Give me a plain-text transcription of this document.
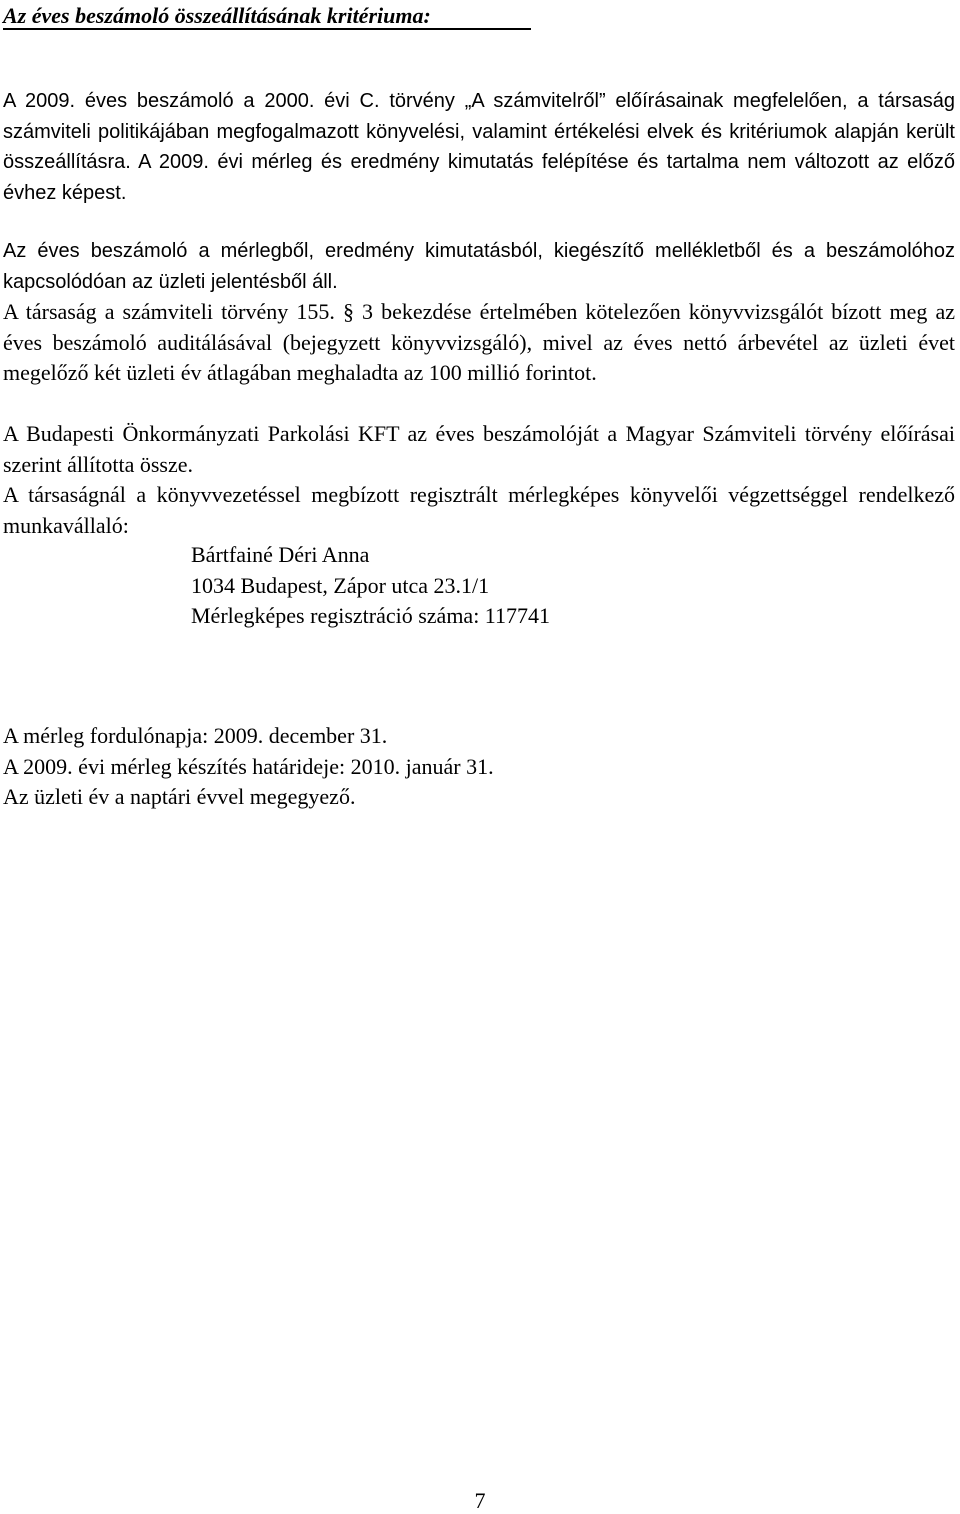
Az éves beszámoló összeállításának kritériuma:

A 2009. éves beszámoló a 2000. évi C. törvény „A számvitelről” előírásainak megfelelően, a társaság számviteli politikájában megfogalmazott könyvelési, valamint értékelési elvek és kritériumok alapján került összeállításra. A 2009. évi mérleg és eredmény kimutatás felépítése és tartalma nem változott az előző évhez képest.

Az éves beszámoló a mérlegből, eredmény kimutatásból, kiegészítő mellékletből és a beszámolóhoz kapcsolódóan az üzleti jelentésből áll.

A társaság a számviteli törvény 155. § 3 bekezdése értelmében kötelezően könyvvizsgálót bízott meg az éves beszámoló auditálásával (bejegyzett könyvvizsgáló), mivel az éves nettó árbevétel az üzleti évet megelőző két üzleti év átlagában meghaladta az 100 millió forintot.

A Budapesti Önkormányzati Parkolási KFT az éves beszámolóját a Magyar Számviteli törvény előírásai szerint állította össze.

A társaságnál a könyvvezetéssel megbízott regisztrált mérlegképes könyvelői végzettséggel rendelkező munkavállaló:

Bártfainé Déri Anna

1034 Budapest, Zápor utca 23.1/1

Mérlegképes regisztráció száma: 117741

A mérleg fordulónapja: 2009. december 31.

A 2009. évi mérleg készítés határideje: 2010. január 31.

Az üzleti év a naptári évvel megegyező.

7
